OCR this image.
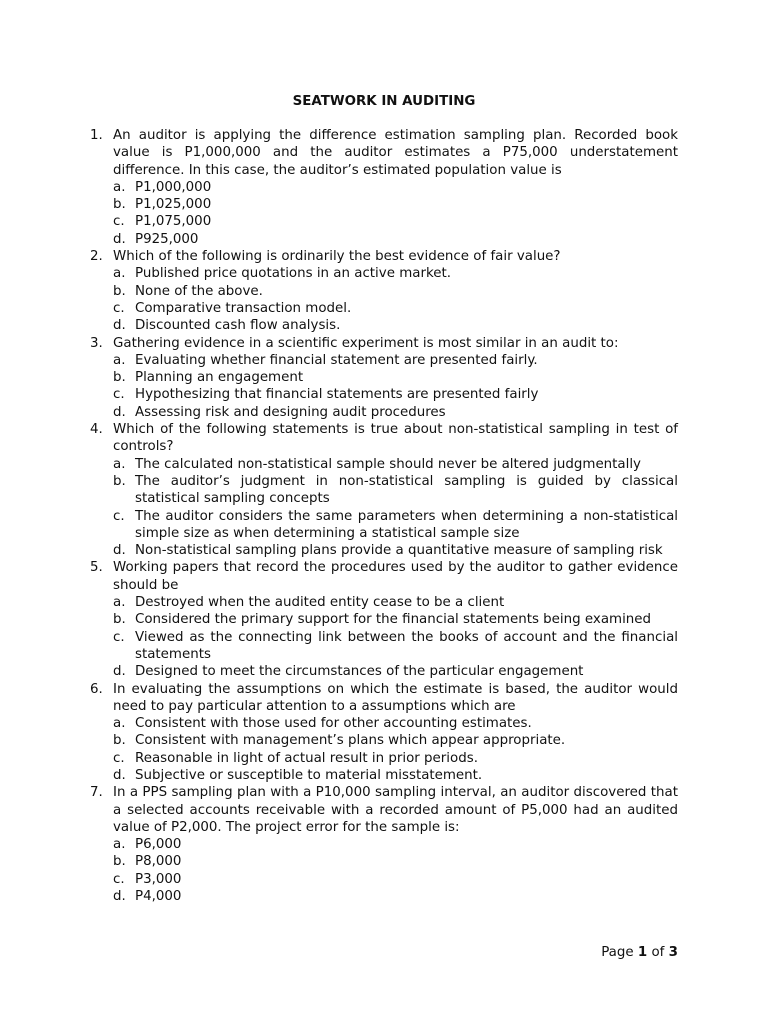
SEATWORK IN AUDITING
1. An auditor is applying the difference estimation sampling plan. Recorded book value is P1,000,000 and the auditor estimates a P75,000 understatement difference. In this case, the auditor’s estimated population value is
a. P1,000,000
b. P1,025,000
c. P1,075,000
d. P925,000
2. Which of the following is ordinarily the best evidence of fair value?
a. Published price quotations in an active market.
b. None of the above.
c. Comparative transaction model.
d. Discounted cash flow analysis.
3. Gathering evidence in a scientific experiment is most similar in an audit to:
a. Evaluating whether financial statement are presented fairly.
b. Planning an engagement
c. Hypothesizing that financial statements are presented fairly
d. Assessing risk and designing audit procedures
4. Which of the following statements is true about non-statistical sampling in test of controls?
a. The calculated non-statistical sample should never be altered judgmentally
b. The auditor’s judgment in non-statistical sampling is guided by classical statistical sampling concepts
c. The auditor considers the same parameters when determining a non-statistical simple size as when determining a statistical sample size
d. Non-statistical sampling plans provide a quantitative measure of sampling risk
5. Working papers that record the procedures used by the auditor to gather evidence should be
a. Destroyed when the audited entity cease to be a client
b. Considered the primary support for the financial statements being examined
c. Viewed as the connecting link between the books of account and the financial statements
d. Designed to meet the circumstances of the particular engagement
6. In evaluating the assumptions on which the estimate is based, the auditor would need to pay particular attention to a assumptions which are
a. Consistent with those used for other accounting estimates.
b. Consistent with management’s plans which appear appropriate.
c. Reasonable in light of actual result in prior periods.
d. Subjective or susceptible to material misstatement.
7. In a PPS sampling plan with a P10,000 sampling interval, an auditor discovered that a selected accounts receivable with a recorded amount of P5,000 had an audited value of P2,000. The project error for the sample is:
a. P6,000
b. P8,000
c. P3,000
d. P4,000
Page 1 of 3
